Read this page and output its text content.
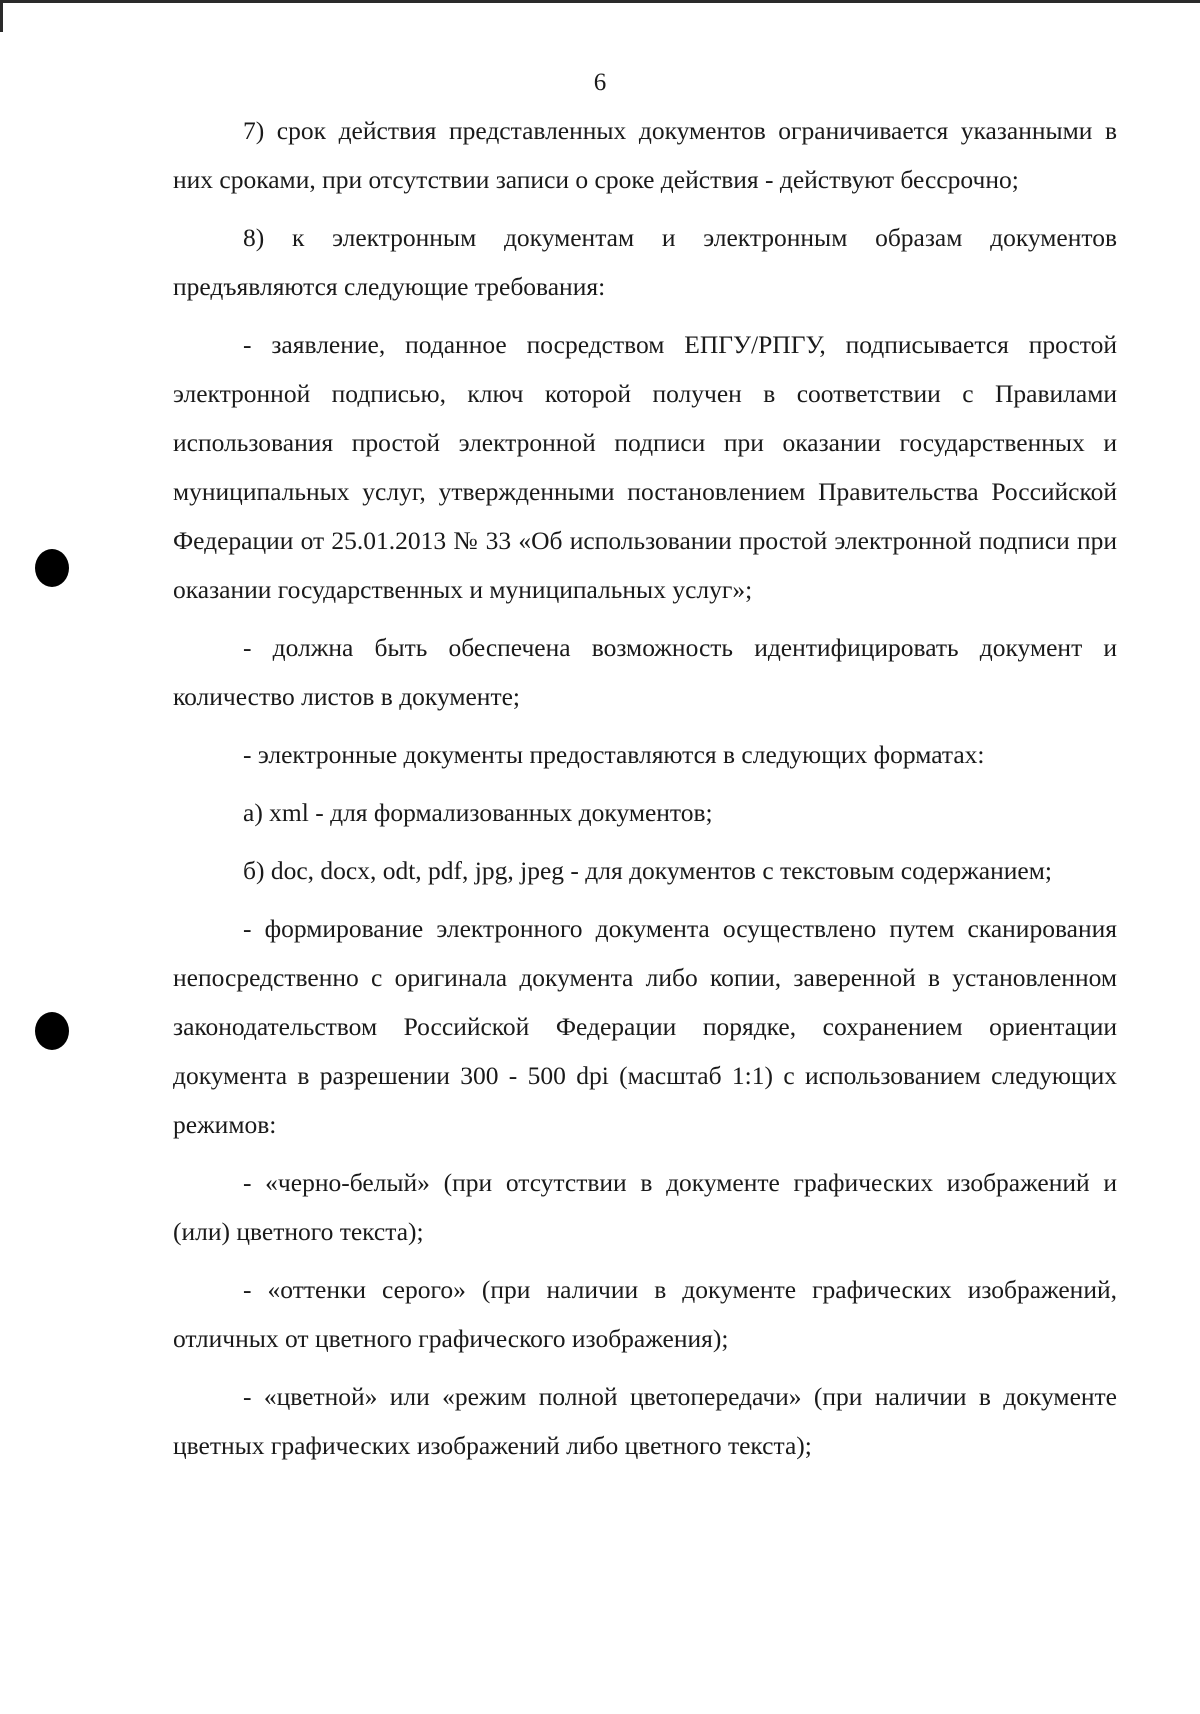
6

7) срок действия представленных документов ограничивается указанными в них сроками, при отсутствии записи о сроке действия - действуют бессрочно;

8) к электронным документам и электронным образам документов предъявляются следующие требования:

- заявление, поданное посредством ЕПГУ/РПГУ, подписывается простой электронной подписью, ключ которой получен в соответствии с Правилами использования простой электронной подписи при оказании государственных и муниципальных услуг, утвержденными постановлением Правительства Российской Федерации от 25.01.2013 № 33 «Об использовании простой электронной подписи при оказании государственных и муниципальных услуг»;

- должна быть обеспечена возможность идентифицировать документ и количество листов в документе;

- электронные документы предоставляются в следующих форматах:

а) xml - для формализованных документов;

б) doc, docx, odt, pdf, jpg, jpeg - для документов с текстовым содержанием;

- формирование электронного документа осуществлено путем сканирования непосредственно с оригинала документа либо копии, заверенной в установленном законодательством Российской Федерации порядке, сохранением ориентации документа в разрешении 300 - 500 dpi (масштаб 1:1) с использованием следующих режимов:

- «черно-белый» (при отсутствии в документе графических изображений и (или) цветного текста);

- «оттенки серого» (при наличии в документе графических изображений, отличных от цветного графического изображения);

- «цветной» или «режим полной цветопередачи» (при наличии в документе цветных графических изображений либо цветного текста);
